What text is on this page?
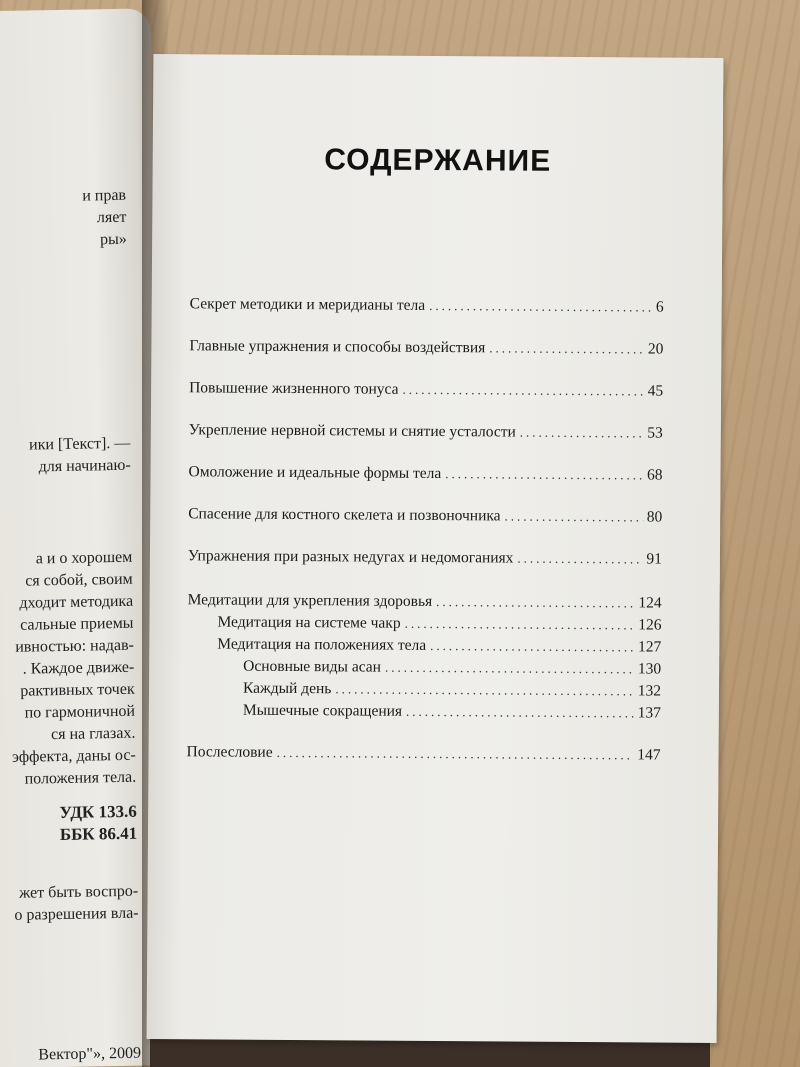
и прав
ляет
ры»
ики [Текст]. —
для начинаю-
а и о хорошем
ся собой, своим
дходит методика
сальные приемы
ивностью: надав-
. Каждое движе-
рактивных точек
по гармоничной
ся на глазах.
эффекта, даны ос-
положения тела.
УДК 133.6
ББК 86.41
жет быть воспро-
о разрешения вла-
Вектор"», 2009
СОДЕРЖАНИЕ
Секрет методики и меридианы тела .....	6
Главные упражнения и способы воздействия .....	20
Повышение жизненного тонуса .....	45
Укрепление нервной системы и снятие усталости .....	53
Омоложение и идеальные формы тела .....	68
Спасение для костного скелета и позвоночника .....	80
Упражнения при разных недугах и недомоганиях .....	91
Медитации для укрепления здоровья .....	124
Медитация на системе чакр .....	126
Медитация на положениях тела .....	127
Основные виды асан .....	130
Каждый день .....	132
Мышечные сокращения .....	137
Послесловие .....	147
